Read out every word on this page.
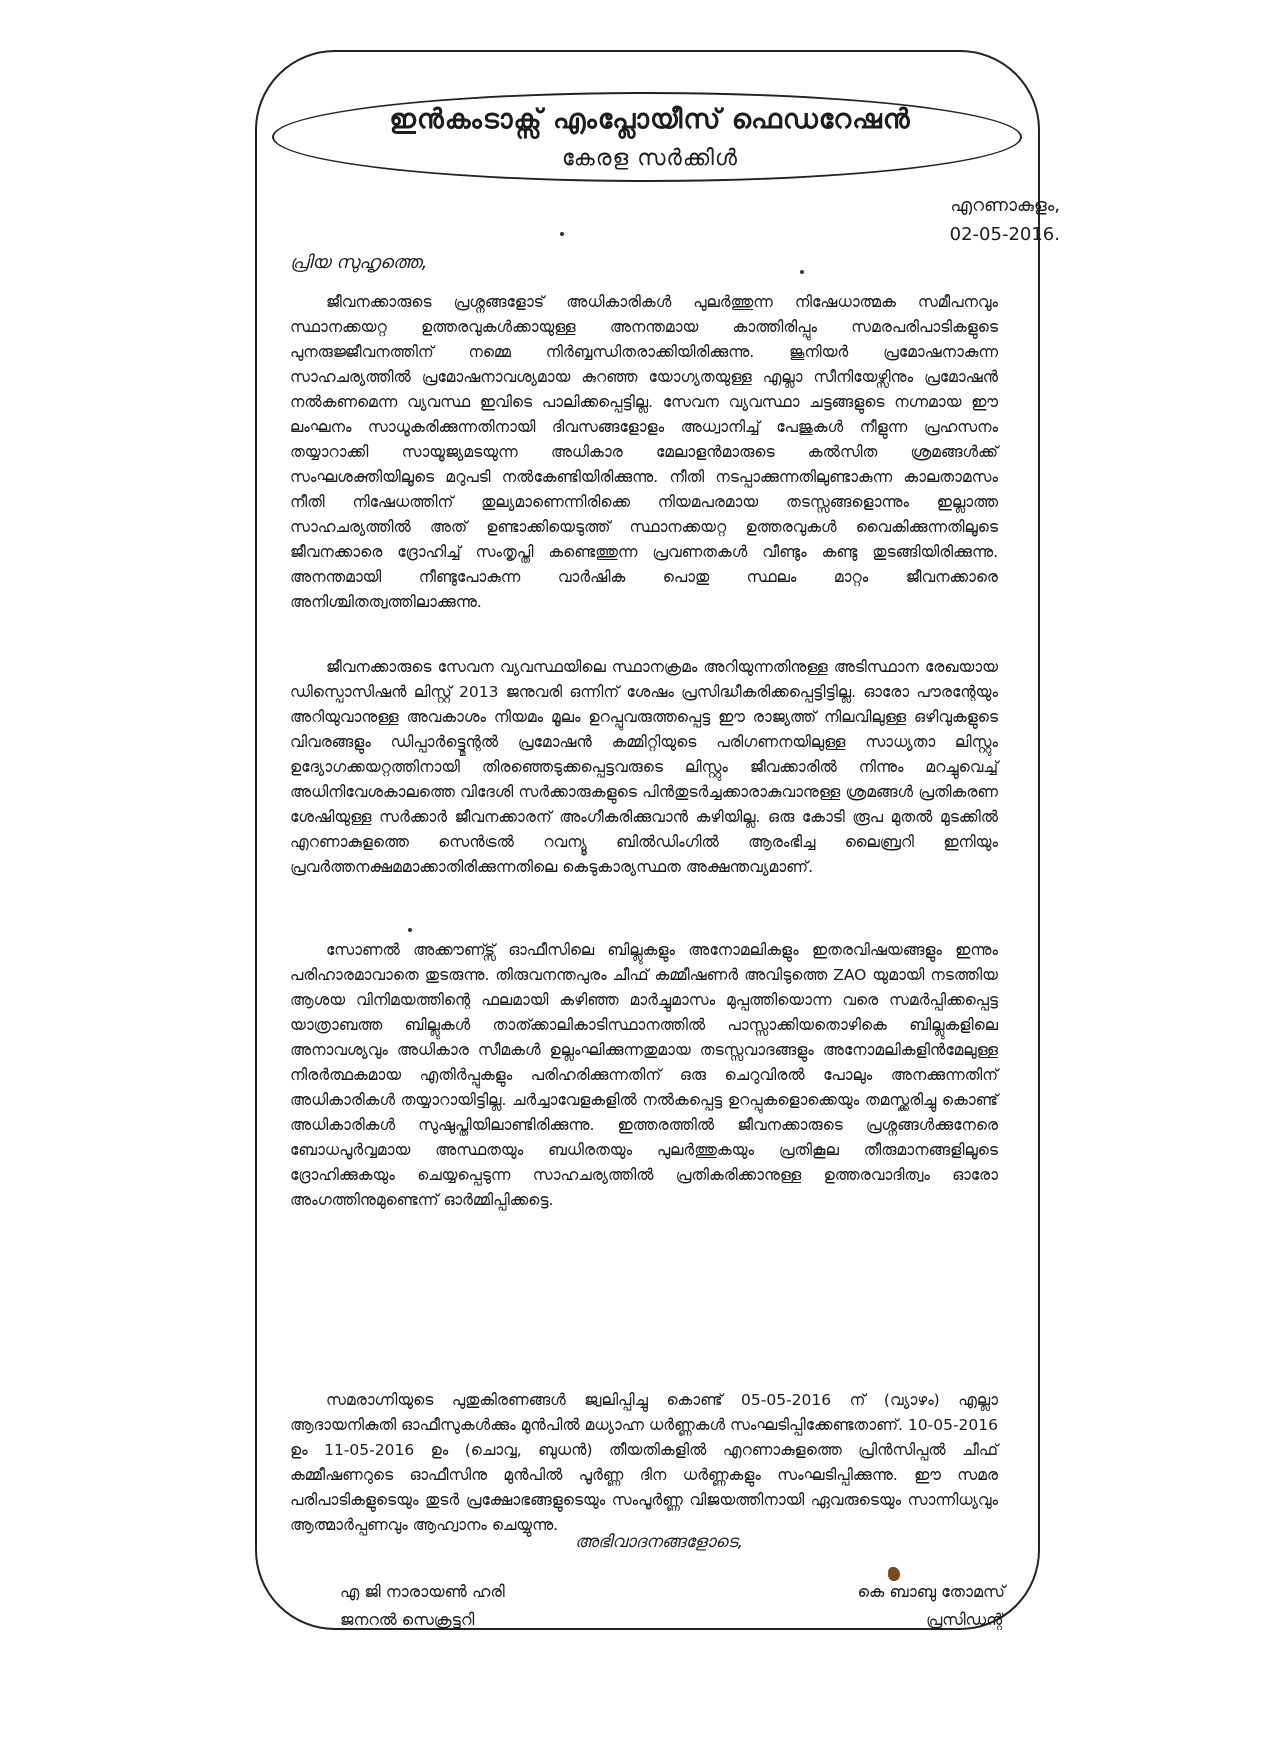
ഇൻകംടാക്സ് എംപ്ലോയീസ് ഫെഡറേഷൻ
കേരള സർക്കിൾ
എറണാകുളം,
02-05-2016.
പ്രിയ സുഹൃത്തെ,

ജീവനക്കാരുടെ പ്രശ്നങ്ങളോട് അധികാരികൾ പുലർത്തുന്ന നിഷേധാത്മക സമീപനവും സ്ഥാനക്കയറ്റ ഉത്തരവുകൾക്കായുള്ള അനന്തമായ കാത്തിരിപ്പും സമരപരിപാടികളുടെ പുനരുജ്ജീവനത്തിന് നമ്മെ നിർബ്ബന്ധിതരാക്കിയിരിക്കുന്നു. ജൂനിയർ പ്രമോഷനാകുന്ന സാഹചര്യത്തിൽ പ്രമോഷനാവശ്യമായ കുറഞ്ഞ യോഗ്യതയുള്ള എല്ലാ സീനിയേഴ്സിനും പ്രമോഷൻ നൽകണമെന്ന വ്യവസ്ഥ ഇവിടെ പാലിക്കപ്പെട്ടില്ല. സേവന വ്യവസ്ഥാ ചട്ടങ്ങളുടെ നഗ്നമായ ഈ ലംഘനം സാധൂകരിക്കുന്നതിനായി ദിവസങ്ങളോളം അധ്വാനിച്ച് പേജുകൾ നീളുന്ന പ്രഹസനം തയ്യാറാക്കി സായൂജ്യമടയുന്ന അധികാര മേലാളൻമാരുടെ കൽസിത ശ്രമങ്ങൾക്ക് സംഘശക്തിയിലൂടെ മറുപടി നൽകേണ്ടിയിരിക്കുന്നു. നീതി നടപ്പാക്കുന്നതിലുണ്ടാകുന്ന കാലതാമസം നീതി നിഷേധത്തിന് തുല്യമാണെന്നിരിക്കെ നിയമപരമായ തടസ്സങ്ങളൊന്നും ഇല്ലാത്ത സാഹചര്യത്തിൽ അത് ഉണ്ടാക്കിയെടുത്ത് സ്ഥാനക്കയറ്റ ഉത്തരവുകൾ വൈകിക്കുന്നതിലൂടെ ജീവനക്കാരെ ദ്രോഹിച്ച് സംതൃപ്തി കണ്ടെത്തുന്ന പ്രവണതകൾ വീണ്ടും കണ്ടു തുടങ്ങിയിരിക്കുന്നു. അനന്തമായി നീണ്ടുപോകുന്ന വാർഷിക പൊതു സ്ഥലം മാറ്റം ജീവനക്കാരെ അനിശ്ചിതത്വത്തിലാക്കുന്നു.

ജീവനക്കാരുടെ സേവന വ്യവസ്ഥയിലെ സ്ഥാനക്രമം അറിയുന്നതിനുള്ള അടിസ്ഥാന രേഖയായ ഡിസ്പൊസിഷൻ ലിസ്റ്റ് 2013 ജനുവരി ഒന്നിന് ശേഷം പ്രസിദ്ധീകരിക്കപ്പെട്ടിട്ടില്ല. ഓരോ പൗരന്റേയും അറിയുവാനുള്ള അവകാശം നിയമം മൂലം ഉറപ്പുവരുത്തപ്പെട്ട ഈ രാജ്യത്ത് നിലവിലുള്ള ഒഴിവുകളുടെ വിവരങ്ങളും ഡിപ്പാർട്ട്മെന്റൽ പ്രമോഷൻ കമ്മിറ്റിയുടെ പരിഗണനയിലുള്ള സാധ്യതാ ലിസ്റ്റും ഉദ്യോഗക്കയറ്റത്തിനായി തിരഞ്ഞെടുക്കപ്പെട്ടവരുടെ ലിസ്റ്റും ജീവക്കാരിൽ നിന്നും മറച്ചുവെച്ച് അധിനിവേശകാലത്തെ വിദേശി സർക്കാരുകളുടെ പിൻതുടർച്ചക്കാരാകുവാനുള്ള ശ്രമങ്ങൾ പ്രതികരണ ശേഷിയുള്ള സർക്കാർ ജീവനക്കാരന് അംഗീകരിക്കുവാൻ കഴിയില്ല. ഒരു കോടി രൂപ മുതൽ മുടക്കിൽ എറണാകുളത്തെ സെൻട്രൽ റവന്യൂ ബിൽഡിംഗിൽ ആരംഭിച്ച ലൈബ്രറി ഇനിയും പ്രവർത്തനക്ഷമമാക്കാതിരിക്കുന്നതിലെ കെടുകാര്യസ്ഥത അക്ഷന്തവ്യമാണ്.

സോണൽ അക്കൗണ്ട്സ് ഓഫീസിലെ ബില്ലുകളും അനോമലികളും ഇതരവിഷയങ്ങളും ഇന്നും പരിഹാരമാവാതെ തുടരുന്നു. തിരുവനന്തപുരം ചീഫ് കമ്മീഷണർ അവിടുത്തെ ZAO യുമായി നടത്തിയ ആശയ വിനിമയത്തിന്റെ ഫലമായി കഴിഞ്ഞ മാർച്ചുമാസം മുപ്പത്തിയൊന്ന വരെ സമർപ്പിക്കപ്പെട്ട യാത്രാബത്ത ബില്ലുകൾ താത്ക്കാലികാടിസ്ഥാനത്തിൽ പാസ്സാക്കിയതൊഴികെ ബില്ലുകളിലെ അനാവശ്യവും അധികാര സീമകൾ ഉല്ലംഘിക്കുന്നതുമായ തടസ്സവാദങ്ങളും അനോമലികളിൻമേലുള്ള നിരർത്ഥകമായ എതിർപ്പുകളും പരിഹരിക്കുന്നതിന് ഒരു ചെറുവിരൽ പോലും അനക്കുന്നതിന് അധികാരികൾ തയ്യാറായിട്ടില്ല. ചർച്ചാവേളകളിൽ നൽകപ്പെട്ട ഉറപ്പുകളൊക്കെയും തമസ്ക്കരിച്ചു കൊണ്ട് അധികാരികൾ സുഷുപ്തിയിലാണ്ടിരിക്കുന്നു. ഇത്തരത്തിൽ ജീവനക്കാരുടെ പ്രശ്നങ്ങൾക്കുനേരെ ബോധപൂർവ്വമായ അസ്ഥതയും ബധിരതയും പുലർത്തുകയും പ്രതികൂല തീരുമാനങ്ങളിലൂടെ ദ്രോഹിക്കുകയും ചെയ്യപ്പെടുന്ന സാഹചര്യത്തിൽ പ്രതികരിക്കാനുള്ള ഉത്തരവാദിത്വം ഓരോ അംഗത്തിനുമുണ്ടെന്ന് ഓർമ്മിപ്പിക്കട്ടെ.

സമരാഗ്നിയുടെ പുതുകിരണങ്ങൾ ജ്വലിപ്പിച്ചു കൊണ്ട് 05-05-2016 ന് (വ്യാഴം) എല്ലാ ആദായനികുതി ഓഫീസുകൾക്കും മുൻപിൽ മധ്യാഹ്ന ധർണ്ണകൾ സംഘടിപ്പിക്കേണ്ടതാണ്. 10-05-2016 ഉം 11-05-2016 ഉം (ചൊവ്വ, ബുധൻ) തീയതികളിൽ എറണാകുളത്തെ പ്രിൻസിപ്പൽ ചീഫ് കമ്മീഷണറുടെ ഓഫീസിനു മുൻപിൽ പൂർണ്ണ ദിന ധർണ്ണകളും സംഘടിപ്പിക്കുന്നു. ഈ സമര പരിപാടികളുടെയും തുടർ പ്രക്ഷോഭങ്ങളുടെയും സംപൂർണ്ണ വിജയത്തിനായി ഏവരുടെയും സാന്നിധ്യവും ആത്മാർപ്പണവും ആഹ്വാനം ചെയ്യുന്നു.

അഭിവാദനങ്ങളോടെ,
എ ജി നാരായൺ ഹരി
ജനറൽ സെക്രട്ടറി
കെ ബാബു തോമസ്
പ്രസിഡന്റ്
